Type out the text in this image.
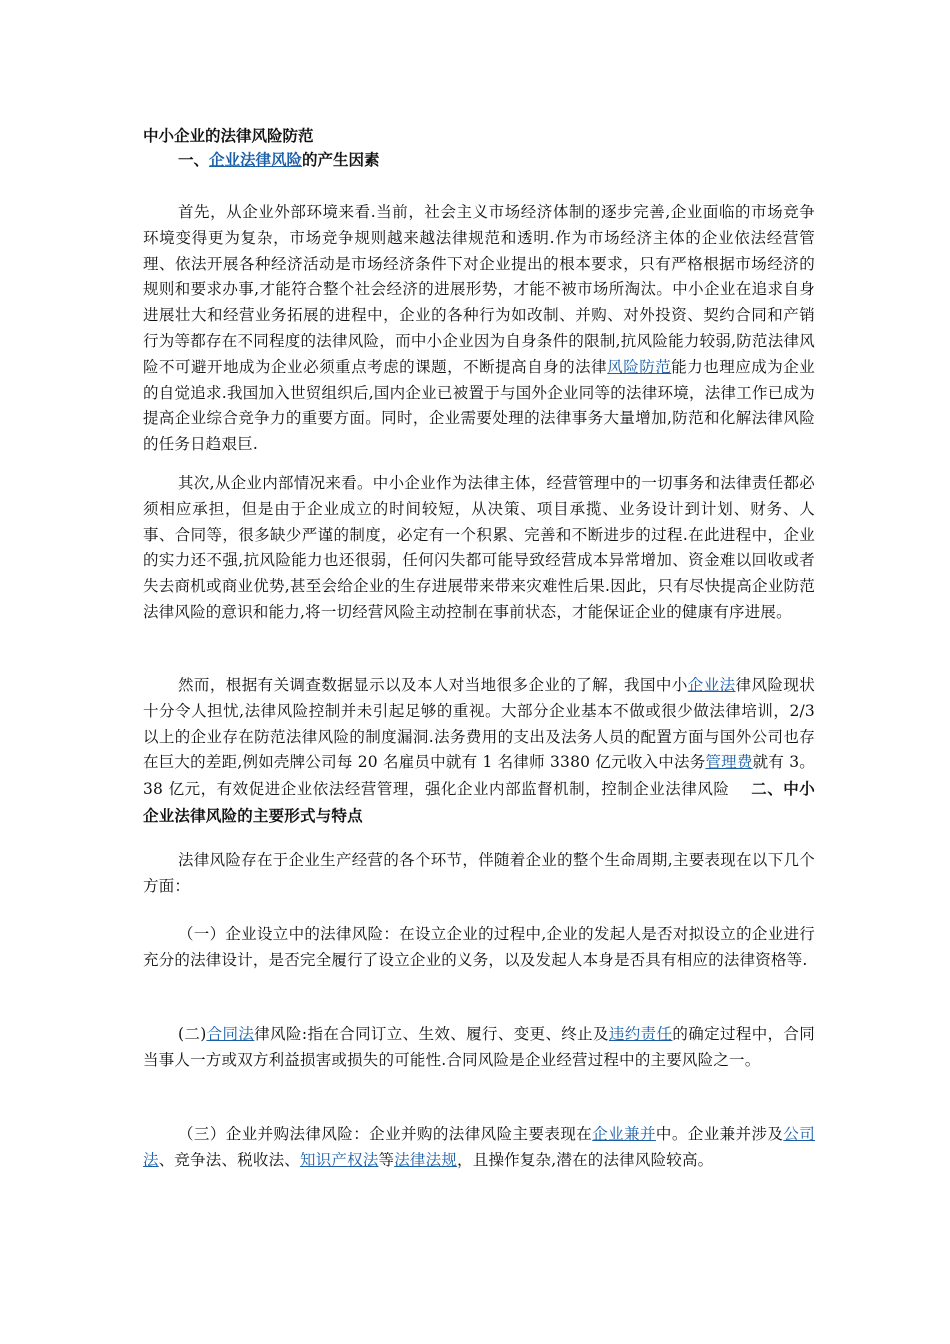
中小企业的法律风险防范

一、企业法律风险的产生因素

首先，从企业外部环境来看.当前，社会主义市场经济体制的逐步完善,企业面临的市场竞争环境变得更为复杂，市场竞争规则越来越法律规范和透明.作为市场经济主体的企业依法经营管理、依法开展各种经济活动是市场经济条件下对企业提出的根本要求，只有严格根据市场经济的规则和要求办事,才能符合整个社会经济的进展形势，才能不被市场所淘汰。中小企业在追求自身进展壮大和经营业务拓展的进程中，企业的各种行为如改制、并购、对外投资、契约合同和产销行为等都存在不同程度的法律风险，而中小企业因为自身条件的限制,抗风险能力较弱,防范法律风险不可避开地成为企业必须重点考虑的课题，不断提高自身的法律风险防范能力也理应成为企业的自觉追求.我国加入世贸组织后,国内企业已被置于与国外企业同等的法律环境，法律工作已成为提高企业综合竞争力的重要方面。同时，企业需要处理的法律事务大量增加,防范和化解法律风险的任务日趋艰巨.

其次,从企业内部情况来看。中小企业作为法律主体，经营管理中的一切事务和法律责任都必须相应承担，但是由于企业成立的时间较短，从决策、项目承揽、业务设计到计划、财务、人事、合同等，很多缺少严谨的制度，必定有一个积累、完善和不断进步的过程.在此进程中，企业的实力还不强,抗风险能力也还很弱，任何闪失都可能导致经营成本异常增加、资金难以回收或者失去商机或商业优势,甚至会给企业的生存进展带来带来灾难性后果.因此，只有尽快提高企业防范法律风险的意识和能力,将一切经营风险主动控制在事前状态，才能保证企业的健康有序进展。

然而，根据有关调查数据显示以及本人对当地很多企业的了解，我国中小企业法律风险现状十分令人担忧,法律风险控制并未引起足够的重视。大部分企业基本不做或很少做法律培训，2/3 以上的企业存在防范法律风险的制度漏洞.法务费用的支出及法务人员的配置方面与国外公司也存在巨大的差距,例如壳牌公司每 20 名雇员中就有 1 名律师 3380 亿元收入中法务管理费就有 3。38 亿元，有效促进企业依法经营管理，强化企业内部监督机制，控制企业法律风险 二、中小企业法律风险的主要形式与特点

法律风险存在于企业生产经营的各个环节，伴随着企业的整个生命周期,主要表现在以下几个方面：

（一）企业设立中的法律风险：在设立企业的过程中,企业的发起人是否对拟设立的企业进行充分的法律设计，是否完全履行了设立企业的义务，以及发起人本身是否具有相应的法律资格等.

(二)合同法律风险:指在合同订立、生效、履行、变更、终止及违约责任的确定过程中，合同当事人一方或双方利益损害或损失的可能性.合同风险是企业经营过程中的主要风险之一。

（三）企业并购法律风险：企业并购的法律风险主要表现在企业兼并中。企业兼并涉及公司法、竞争法、税收法、知识产权法等法律法规，且操作复杂,潜在的法律风险较高。
